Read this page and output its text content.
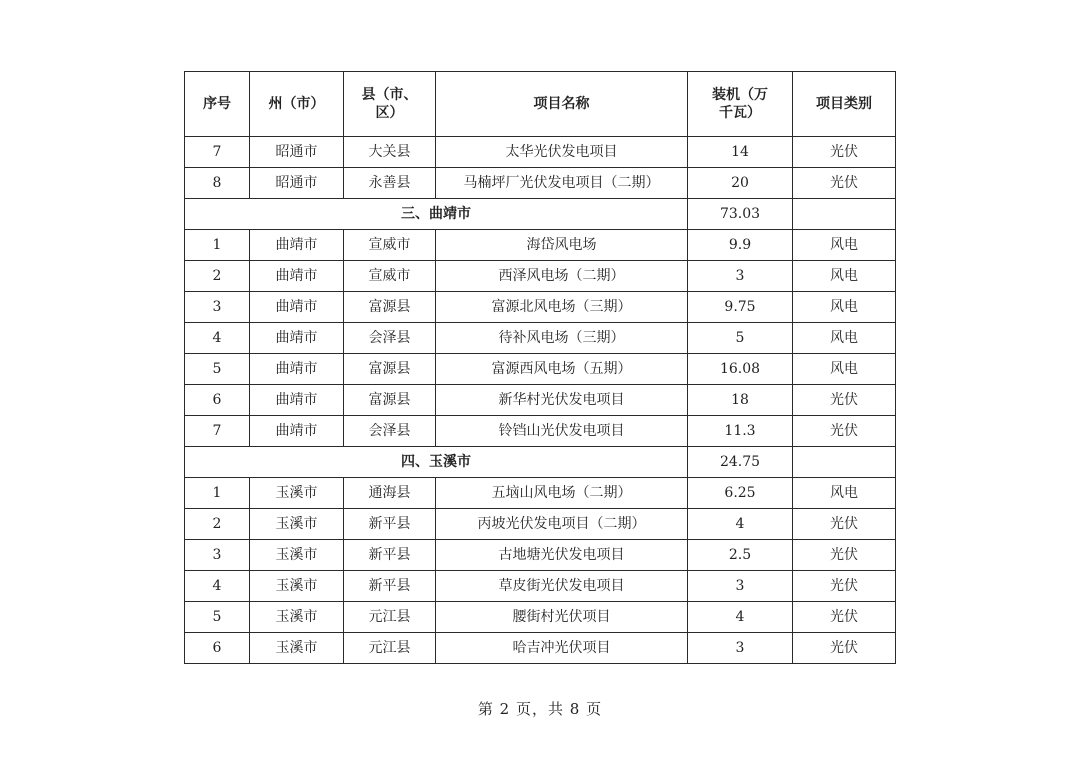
序号	州（市）	县（市、区）	项目名称	装机（万千瓦）	项目类别
7	昭通市	大关县	太华光伏发电项目	14	光伏
8	昭通市	永善县	马楠坪厂光伏发电项目（二期）	20	光伏
三、曲靖市				73.03	
1	曲靖市	宣威市	海岱风电场	9.9	风电
2	曲靖市	宣威市	西泽风电场（二期）	3	风电
3	曲靖市	富源县	富源北风电场（三期）	9.75	风电
4	曲靖市	会泽县	待补风电场（三期）	5	风电
5	曲靖市	富源县	富源西风电场（五期）	16.08	风电
6	曲靖市	富源县	新华村光伏发电项目	18	光伏
7	曲靖市	会泽县	铃铛山光伏发电项目	11.3	光伏
四、玉溪市				24.75	
1	玉溪市	通海县	五垴山风电场（二期）	6.25	风电
2	玉溪市	新平县	丙坡光伏发电项目（二期）	4	光伏
3	玉溪市	新平县	古地塘光伏发电项目	2.5	光伏
4	玉溪市	新平县	草皮街光伏发电项目	3	光伏
5	玉溪市	元江县	腰街村光伏项目	4	光伏
6	玉溪市	元江县	哈吉冲光伏项目	3	光伏
第 2 页，共 8 页
